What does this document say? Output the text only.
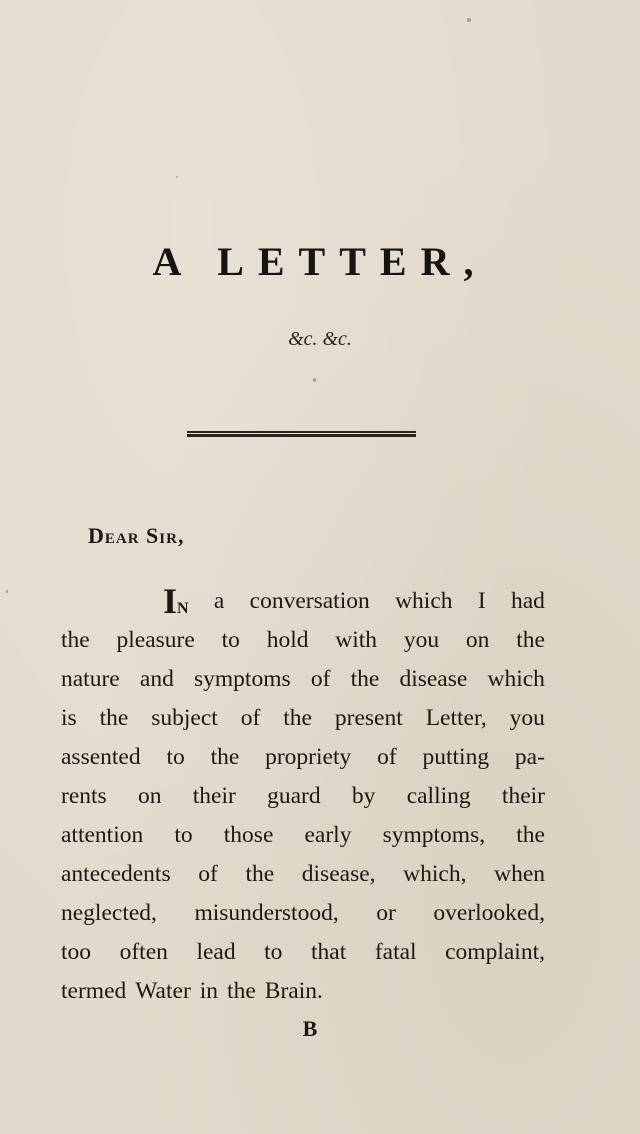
A LETTER,
&c. &c.
Dear Sir,
In a conversation which I had
the pleasure to hold with you on the
nature and symptoms of the disease which
is the subject of the present Letter, you
assented to the propriety of putting pa-
rents on their guard by calling their
attention to those early symptoms, the
antecedents of the disease, which, when
neglected, misunderstood, or overlooked,
too often lead to that fatal complaint,
termed Water in the Brain.
B
